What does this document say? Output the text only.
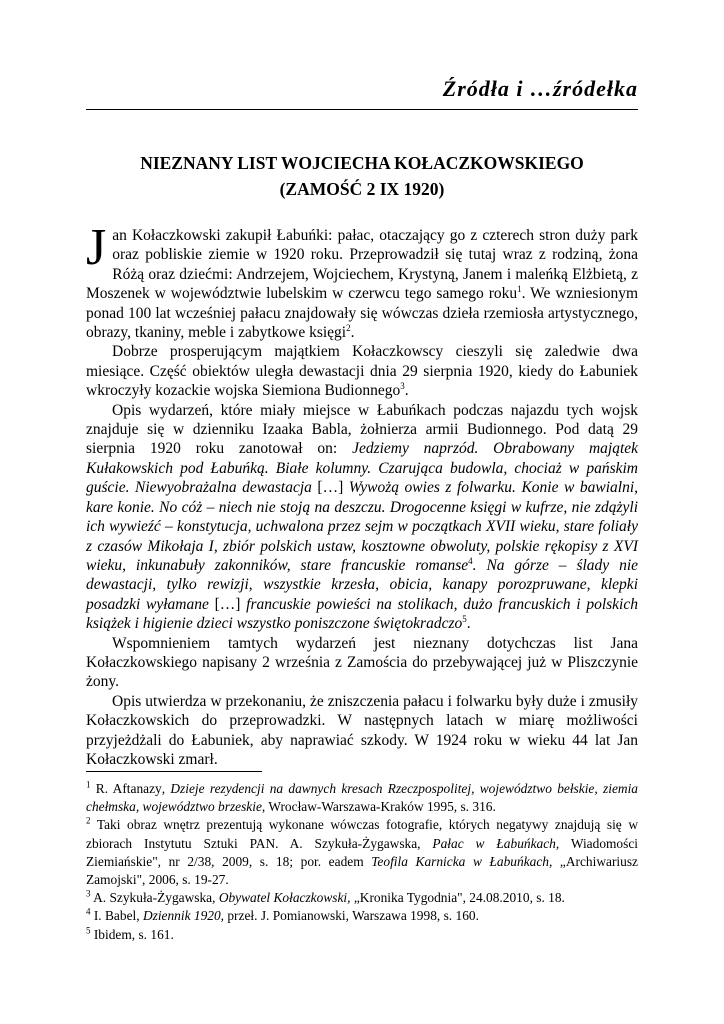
Źródła i …źródełka
NIEZNANY LIST WOJCIECHA KOŁACZKOWSKIEGO
(ZAMOŚĆ 2 IX 1920)

Jan Kołaczkowski zakupił Łabuńki: pałac, otaczający go z czterech stron duży park oraz pobliskie ziemie w 1920 roku. Przeprowadził się tutaj wraz z rodziną, żona Różą oraz dziećmi: Andrzejem, Wojciechem, Krystyną, Janem i maleńką Elżbietą, z Moszenek w województwie lubelskim w czerwcu tego samego roku$^1$. We wzniesionym ponad 100 lat wcześniej pałacu znajdowały się wówczas dzieła rzemiosła artystycznego, obrazy, tkaniny, meble i zabytkowe księgi$^2$.

Dobrze prosperującym majątkiem Kołaczkowscy cieszyli się zaledwie dwa miesiące. Część obiektów uległa dewastacji dnia 29 sierpnia 1920, kiedy do Łabuniek wkroczyły kozackie wojska Siemiona Budionnego$^3$.

Opis wydarzeń, które miały miejsce w Łabuńkach podczas najazdu tych wojsk znajduje się w dzienniku Izaaka Babla, żołnierza armii Budionnego. Pod datą 29 sierpnia 1920 roku zanotował on: Jedziemy naprzód. Obrabowany majątek Kułakowskich pod Łabuńką. Białe kolumny. Czarująca budowla, chociaż w pańskim guście. Niewyobrażalna dewastacja […] Wywożą owies z folwarku. Konie w bawialni, kare konie. No cóż – niech nie stoją na deszczu. Drogocenne księgi w kufrze, nie zdążyli ich wywieźć – konstytucja, uchwalona przez sejm w początkach XVII wieku, stare foliały z czasów Mikołaja I, zbiór polskich ustaw, kosztowne obwoluty, polskie rękopisy z XVI wieku, inkunabuły zakonników, stare francuskie romanse$^4$. Na górze – ślady nie dewastacji, tylko rewizji, wszystkie krzesła, obicia, kanapy porozpruwane, klepki posadzki wyłamane […] francuskie powieści na stolikach, dużo francuskich i polskich książek i higienie dzieci wszystko poniszczone świętokradczo$^5$.

Wspomnieniem tamtych wydarzeń jest nieznany dotychczas list Jana Kołaczkowskiego napisany 2 września z Zamościa do przebywającej już w Pliszczynie żony.

Opis utwierdza w przekonaniu, że zniszczenia pałacu i folwarku były duże i zmusiły Kołaczkowskich do przeprowadzki. W następnych latach w miarę możliwości przyjeżdżali do Łabuniek, aby naprawiać szkody. W 1924 roku w wieku 44 lat Jan Kołaczkowski zmarł.

$^1$ R. Aftanazy, Dzieje rezydencji na dawnych kresach Rzeczpospolitej, województwo bełskie, ziemia chełmska, województwo brzeskie, Wrocław-Warszawa-Kraków 1995, s. 316.

$^2$ Taki obraz wnętrz prezentują wykonane wówczas fotografie, których negatywy znajdują się w zbiorach Instytutu Sztuki PAN. A. Szykuła-Żygawska, Pałac w Łabuńkach, Wiadomości Ziemiańskie", nr 2/38, 2009, s. 18; por. eadem Teofila Karnicka w Łabuńkach, „Archiwariusz Zamojski", 2006, s. 19-27.

$^3$ A. Szykuła-Żygawska, Obywatel Kołaczkowski, „Kronika Tygodnia", 24.08.2010, s. 18.

$^4$ I. Babel, Dziennik 1920, przeł. J. Pomianowski, Warszawa 1998, s. 160.

$^5$ Ibidem, s. 161.
